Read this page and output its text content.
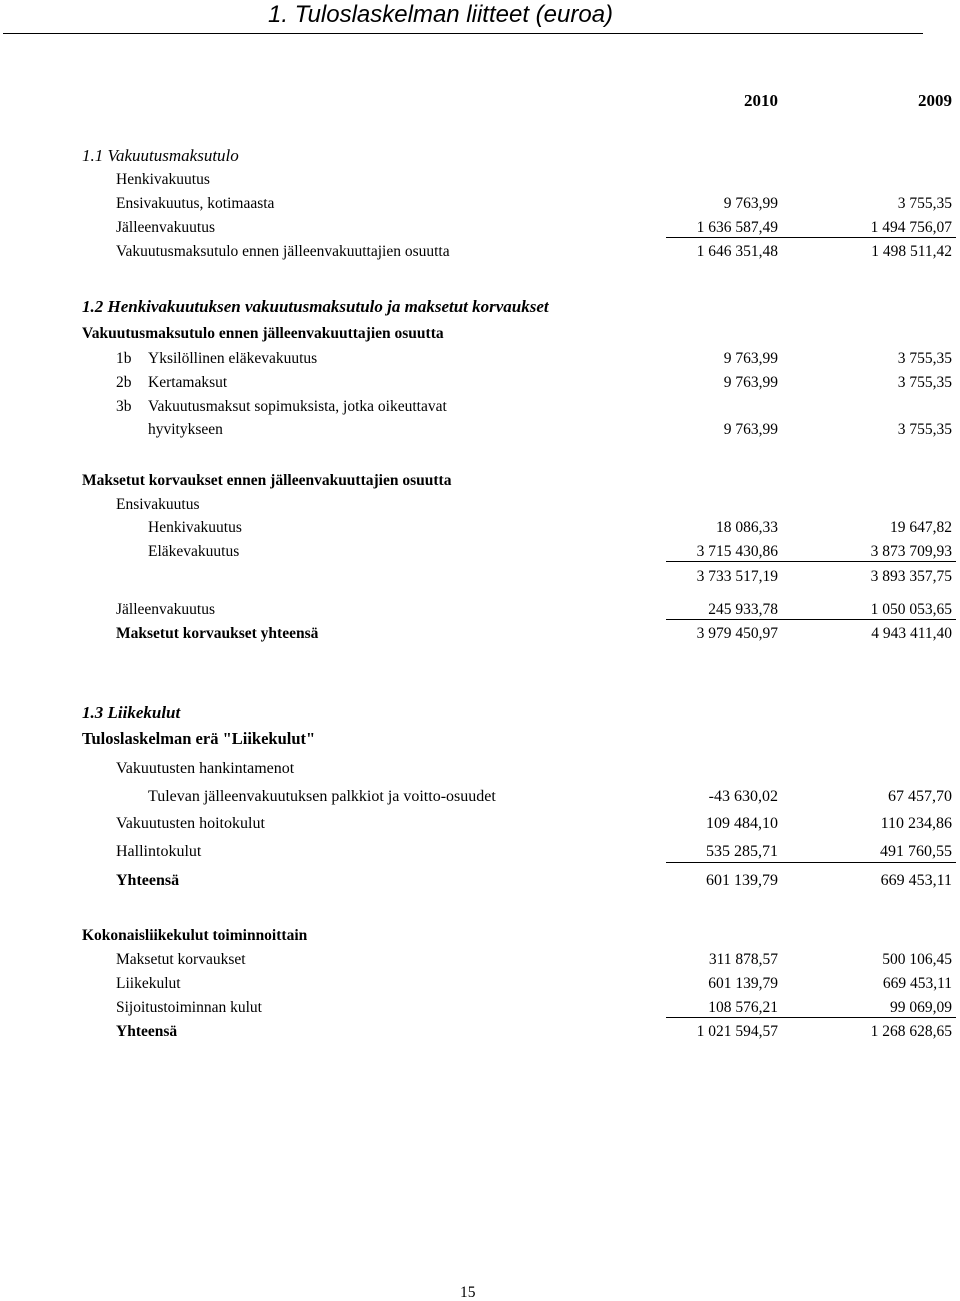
1. Tuloslaskelman liitteet (euroa)
2010	2009
1.1 Vakuutusmaksutulo
Henkivakuutus
Ensivakuutus, kotimaasta	9 763,99	3 755,35
Jälleenvakuutus	1 636 587,49	1 494 756,07
Vakuutusmaksutulo ennen jälleenvakuuttajien osuutta	1 646 351,48	1 498 511,42
1.2 Henkivakuutuksen vakuutusmaksutulo ja maksetut korvaukset
Vakuutusmaksutulo ennen jälleenvakuuttajien osuutta
1b Yksilöllinen eläkevakuutus	9 763,99	3 755,35
2b Kertamaksut	9 763,99	3 755,35
3b Vakuutusmaksut sopimuksista, jotka oikeuttavat
hyvitykseen	9 763,99	3 755,35
Maksetut korvaukset ennen jälleenvakuuttajien osuutta
Ensivakuutus
Henkivakuutus	18 086,33	19 647,82
Eläkevakuutus	3 715 430,86	3 873 709,93
3 733 517,19	3 893 357,75
Jälleenvakuutus	245 933,78	1 050 053,65
Maksetut korvaukset yhteensä	3 979 450,97	4 943 411,40
1.3 Liikekulut
Tuloslaskelman erä "Liikekulut"
Vakuutusten hankintamenot
Tulevan jälleenvakuutuksen palkkiot ja voitto-osuudet	-43 630,02	67 457,70
Vakuutusten hoitokulut	109 484,10	110 234,86
Hallintokulut	535 285,71	491 760,55
Yhteensä	601 139,79	669 453,11
Kokonaisliikekulut toiminnoittain
Maksetut korvaukset	311 878,57	500 106,45
Liikekulut	601 139,79	669 453,11
Sijoitustoiminnan kulut	108 576,21	99 069,09
Yhteensä	1 021 594,57	1 268 628,65
15
